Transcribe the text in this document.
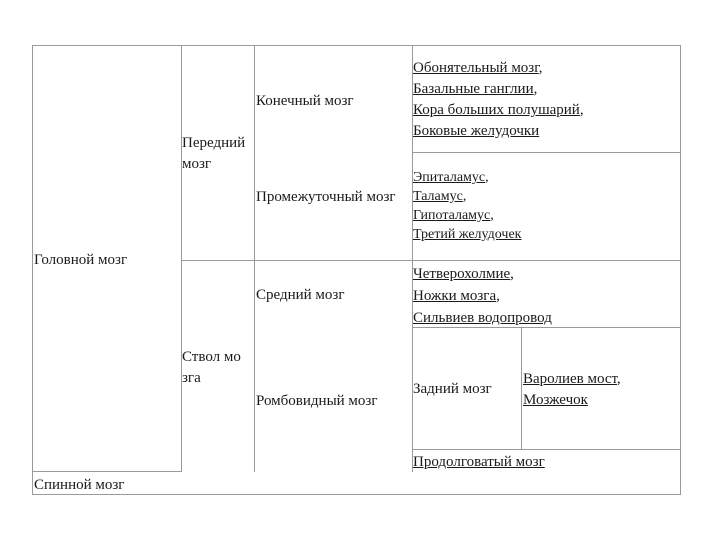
Головной мозг
Спинной мозг
Передний мозг
Ствол мозга
Конечный мозг
Промежуточный мозг
Средний мозг
Ромбовидный мозг
Обонятельный мозг,
Базальные ганглии,
Кора больших полушарий,
Боковые желудочки
Эпиталамус,
Таламус,
Гипоталамус,
Третий желудочек
Четверохолмие,
Ножки мозга,
Сильвиев водопровод
Задний мозг
Варолиев мост,
Мозжечок
Продолговатый мозг
